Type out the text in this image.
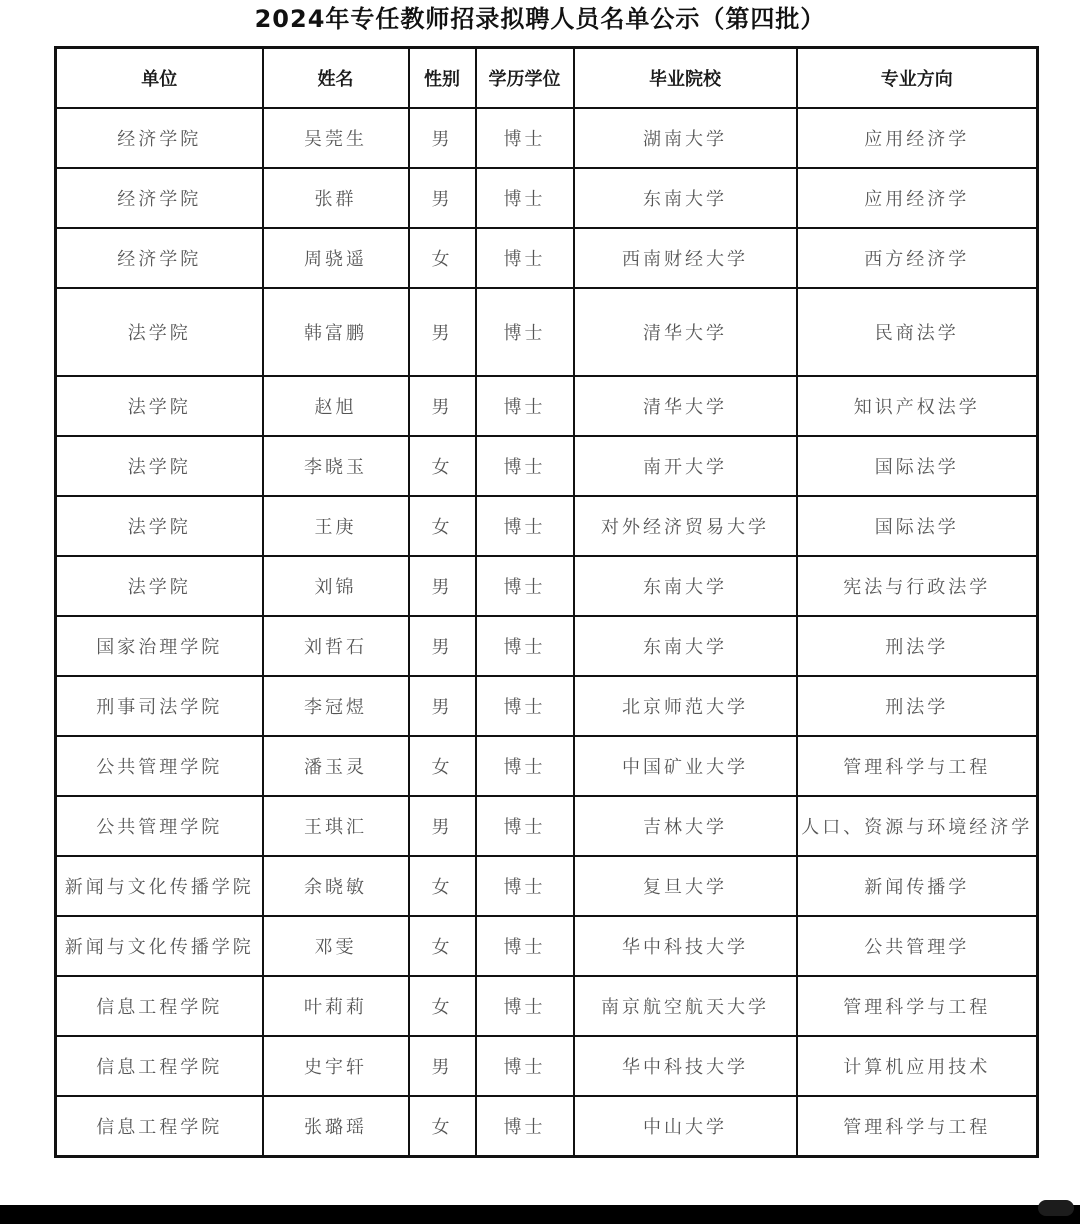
2024年专任教师招录拟聘人员名单公示（第四批）
单位	姓名	性别	学历学位	毕业院校	专业方向
经济学院	吴莞生	男	博士	湖南大学	应用经济学
经济学院	张群	男	博士	东南大学	应用经济学
经济学院	周骁遥	女	博士	西南财经大学	西方经济学
法学院	韩富鹏	男	博士	清华大学	民商法学
法学院	赵旭	男	博士	清华大学	知识产权法学
法学院	李晓玉	女	博士	南开大学	国际法学
法学院	王庚	女	博士	对外经济贸易大学	国际法学
法学院	刘锦	男	博士	东南大学	宪法与行政法学
国家治理学院	刘哲石	男	博士	东南大学	刑法学
刑事司法学院	李冠煜	男	博士	北京师范大学	刑法学
公共管理学院	潘玉灵	女	博士	中国矿业大学	管理科学与工程
公共管理学院	王琪汇	男	博士	吉林大学	人口、资源与环境经济学
新闻与文化传播学院	余晓敏	女	博士	复旦大学	新闻传播学
新闻与文化传播学院	邓雯	女	博士	华中科技大学	公共管理学
信息工程学院	叶莉莉	女	博士	南京航空航天大学	管理科学与工程
信息工程学院	史宇轩	男	博士	华中科技大学	计算机应用技术
信息工程学院	张璐瑶	女	博士	中山大学	管理科学与工程
